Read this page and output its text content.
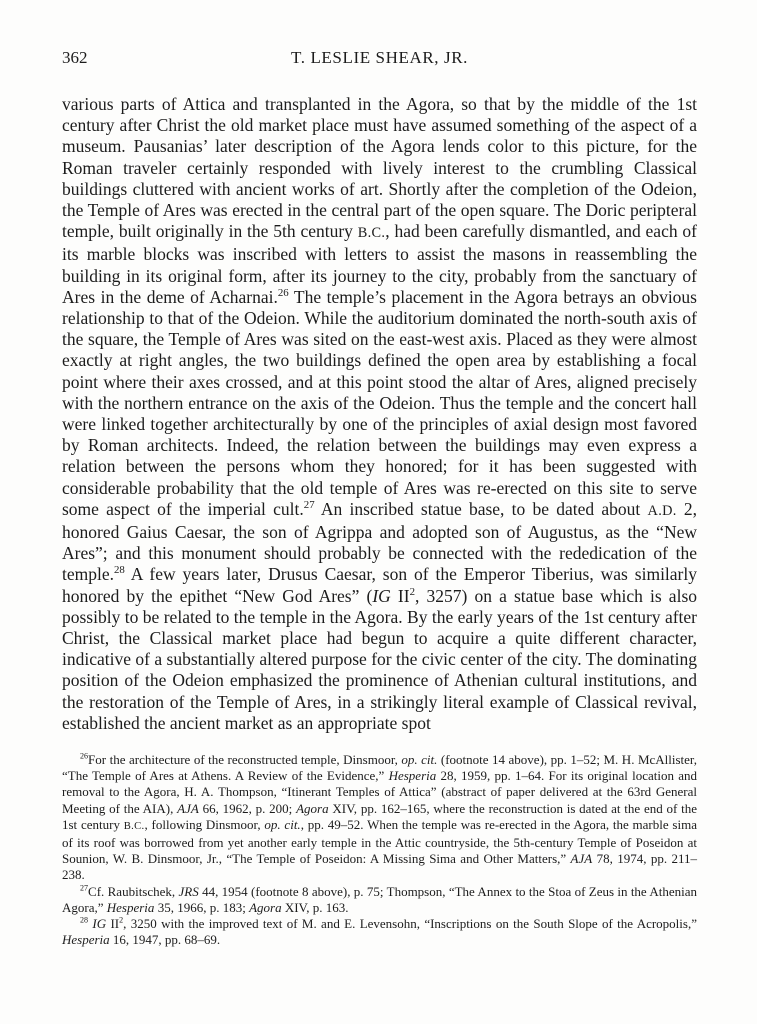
362	T. LESLIE SHEAR, JR.

various parts of Attica and transplanted in the Agora, so that by the middle of the 1st century after Christ the old market place must have assumed something of the aspect of a museum. Pausanias’ later description of the Agora lends color to this picture, for the Roman traveler certainly responded with lively interest to the crumbling Classical buildings cluttered with ancient works of art. Shortly after the completion of the Odeion, the Temple of Ares was erected in the central part of the open square. The Doric peripteral temple, built originally in the 5th century B.C., had been carefully dismantled, and each of its marble blocks was inscribed with letters to assist the masons in reassembling the building in its original form, after its journey to the city, probably from the sanctuary of Ares in the deme of Acharnai.$^{26}$ The temple’s placement in the Agora betrays an obvious relationship to that of the Odeion. While the auditorium dominated the north-south axis of the square, the Temple of Ares was sited on the east-west axis. Placed as they were almost exactly at right angles, the two buildings defined the open area by establishing a focal point where their axes crossed, and at this point stood the altar of Ares, aligned precisely with the northern entrance on the axis of the Odeion. Thus the temple and the concert hall were linked together architecturally by one of the principles of axial design most favored by Roman architects. Indeed, the relation between the buildings may even express a relation between the persons whom they honored; for it has been suggested with considerable probability that the old temple of Ares was re-erected on this site to serve some aspect of the imperial cult.$^{27}$ An inscribed statue base, to be dated about A.D. 2, honored Gaius Caesar, the son of Agrippa and adopted son of Augustus, as the “New Ares”; and this monument should probably be connected with the rededication of the temple.$^{28}$ A few years later, Drusus Caesar, son of the Emperor Tiberius, was similarly honored by the epithet “New God Ares” (IG $II^2$, 3257) on a statue base which is also possibly to be related to the temple in the Agora. By the early years of the 1st century after Christ, the Classical market place had begun to acquire a quite different character, indicative of a substantially altered purpose for the civic center of the city. The dominating position of the Odeion emphasized the prominence of Athenian cultural institutions, and the restoration of the Temple of Ares, in a strikingly literal example of Classical revival, established the ancient market as an appropriate spot

$^{26}$For the architecture of the reconstructed temple, Dinsmoor, op. cit. (footnote 14 above), pp. 1–52; M. H. McAllister, “The Temple of Ares at Athens. A Review of the Evidence,” Hesperia 28, 1959, pp. 1–64. For its original location and removal to the Agora, H. A. Thompson, “Itinerant Temples of Attica” (abstract of paper delivered at the 63rd General Meeting of the AIA), AJA 66, 1962, p. 200; Agora XIV, pp. 162–165, where the reconstruction is dated at the end of the 1st century B.C., following Dinsmoor, op. cit., pp. 49–52. When the temple was re-erected in the Agora, the marble sima of its roof was borrowed from yet another early temple in the Attic countryside, the 5th-century Temple of Poseidon at Sounion, W. B. Dinsmoor, Jr., “The Temple of Poseidon: A Missing Sima and Other Matters,” AJA 78, 1974, pp. 211–238.

$^{27}$Cf. Raubitschek, JRS 44, 1954 (footnote 8 above), p. 75; Thompson, “The Annex to the Stoa of Zeus in the Athenian Agora,” Hesperia 35, 1966, p. 183; Agora XIV, p. 163.

$^{28}$ IG $II^2$, 3250 with the improved text of M. and E. Levensohn, “Inscriptions on the South Slope of the Acropolis,” Hesperia 16, 1947, pp. 68–69.
